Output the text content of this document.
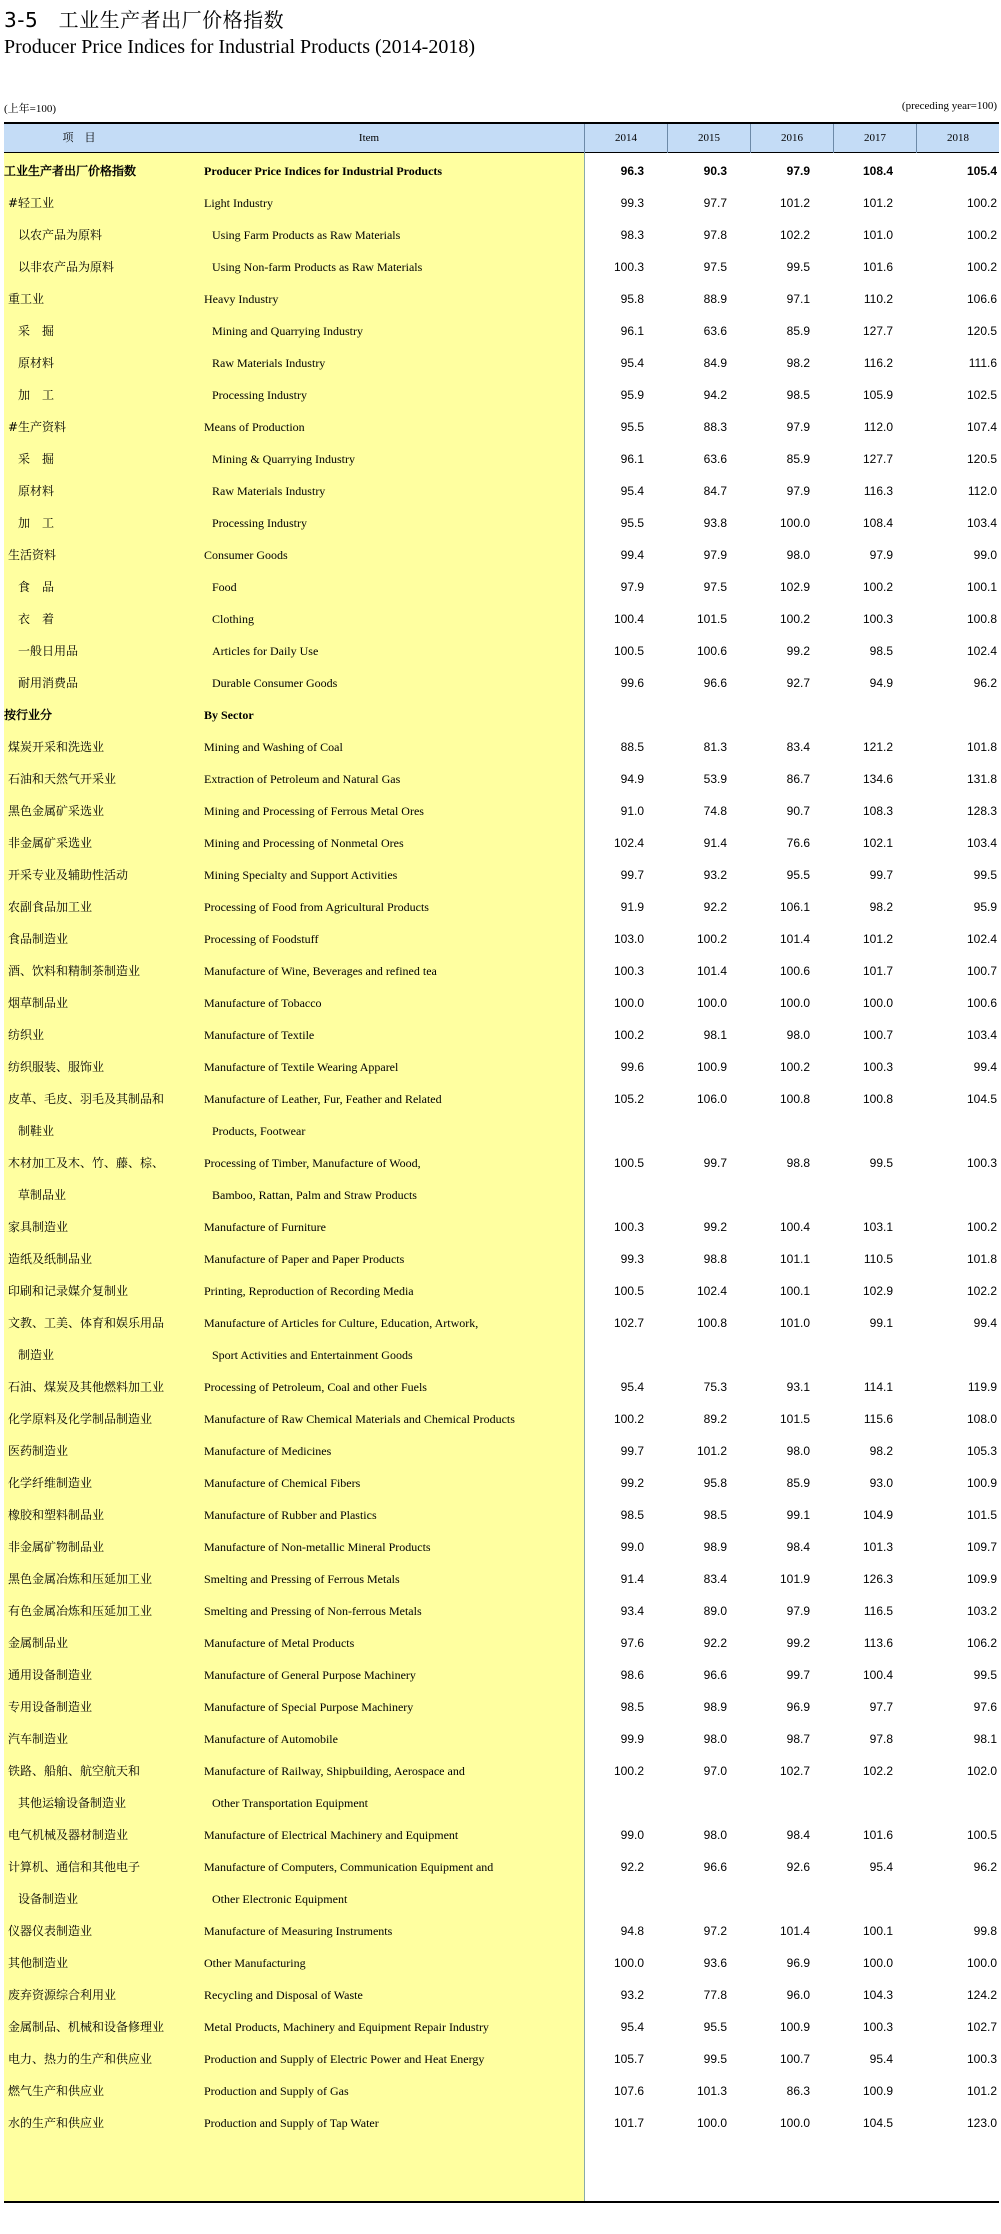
3-5　工业生产者出厂价格指数
Producer Price Indices for Industrial Products (2014-2018)
(上年=100)	(preceding year=100)
项　目	Item	2014	2015	2016	2017	2018
工业生产者出厂价格指数	Producer Price Indices for Industrial Products	96.3	90.3	97.9	108.4	105.4
#轻工业	Light Industry	99.3	97.7	101.2	101.2	100.2
以农产品为原料	Using Farm Products as Raw Materials	98.3	97.8	102.2	101.0	100.2
以非农产品为原料	Using Non-farm Products as Raw Materials	100.3	97.5	99.5	101.6	100.2
重工业	Heavy Industry	95.8	88.9	97.1	110.2	106.6
采　掘	Mining and Quarrying Industry	96.1	63.6	85.9	127.7	120.5
原材料	Raw Materials Industry	95.4	84.9	98.2	116.2	111.6
加　工	Processing Industry	95.9	94.2	98.5	105.9	102.5
#生产资料	Means of Production	95.5	88.3	97.9	112.0	107.4
采　掘	Mining & Quarrying Industry	96.1	63.6	85.9	127.7	120.5
原材料	Raw Materials Industry	95.4	84.7	97.9	116.3	112.0
加　工	Processing Industry	95.5	93.8	100.0	108.4	103.4
生活资料	Consumer Goods	99.4	97.9	98.0	97.9	99.0
食　品	Food	97.9	97.5	102.9	100.2	100.1
衣　着	Clothing	100.4	101.5	100.2	100.3	100.8
一般日用品	Articles for Daily Use	100.5	100.6	99.2	98.5	102.4
耐用消费品	Durable Consumer Goods	99.6	96.6	92.7	94.9	96.2
按行业分	By Sector
煤炭开采和洗选业	Mining and Washing of Coal	88.5	81.3	83.4	121.2	101.8
石油和天然气开采业	Extraction of Petroleum and Natural Gas	94.9	53.9	86.7	134.6	131.8
黑色金属矿采选业	Mining and Processing of Ferrous Metal Ores	91.0	74.8	90.7	108.3	128.3
非金属矿采选业	Mining and Processing of Nonmetal Ores	102.4	91.4	76.6	102.1	103.4
开采专业及辅助性活动	Mining Specialty and Support Activities	99.7	93.2	95.5	99.7	99.5
农副食品加工业	Processing of Food from Agricultural Products	91.9	92.2	106.1	98.2	95.9
食品制造业	Processing of Foodstuff	103.0	100.2	101.4	101.2	102.4
酒、饮料和精制茶制造业	Manufacture of Wine, Beverages and refined tea	100.3	101.4	100.6	101.7	100.7
烟草制品业	Manufacture of Tobacco	100.0	100.0	100.0	100.0	100.6
纺织业	Manufacture of Textile	100.2	98.1	98.0	100.7	103.4
纺织服装、服饰业	Manufacture of Textile Wearing Apparel	99.6	100.9	100.2	100.3	99.4
皮革、毛皮、羽毛及其制品和	Manufacture of Leather, Fur, Feather and Related	105.2	106.0	100.8	100.8	104.5
制鞋业	Products, Footwear
木材加工及木、竹、藤、棕、	Processing of Timber, Manufacture of Wood,	100.5	99.7	98.8	99.5	100.3
草制品业	Bamboo, Rattan, Palm and Straw Products
家具制造业	Manufacture of Furniture	100.3	99.2	100.4	103.1	100.2
造纸及纸制品业	Manufacture of Paper and Paper Products	99.3	98.8	101.1	110.5	101.8
印刷和记录媒介复制业	Printing, Reproduction of Recording Media	100.5	102.4	100.1	102.9	102.2
文教、工美、体育和娱乐用品	Manufacture of Articles for Culture, Education, Artwork,	102.7	100.8	101.0	99.1	99.4
制造业	Sport Activities and Entertainment Goods
石油、煤炭及其他燃料加工业	Processing of Petroleum, Coal and other Fuels	95.4	75.3	93.1	114.1	119.9
化学原料及化学制品制造业	Manufacture of Raw Chemical Materials and Chemical Products	100.2	89.2	101.5	115.6	108.0
医药制造业	Manufacture of Medicines	99.7	101.2	98.0	98.2	105.3
化学纤维制造业	Manufacture of Chemical Fibers	99.2	95.8	85.9	93.0	100.9
橡胶和塑料制品业	Manufacture of Rubber and Plastics	98.5	98.5	99.1	104.9	101.5
非金属矿物制品业	Manufacture of Non-metallic Mineral Products	99.0	98.9	98.4	101.3	109.7
黑色金属冶炼和压延加工业	Smelting and Pressing of Ferrous Metals	91.4	83.4	101.9	126.3	109.9
有色金属冶炼和压延加工业	Smelting and Pressing of Non-ferrous Metals	93.4	89.0	97.9	116.5	103.2
金属制品业	Manufacture of Metal Products	97.6	92.2	99.2	113.6	106.2
通用设备制造业	Manufacture of General Purpose Machinery	98.6	96.6	99.7	100.4	99.5
专用设备制造业	Manufacture of Special Purpose Machinery	98.5	98.9	96.9	97.7	97.6
汽车制造业	Manufacture of Automobile	99.9	98.0	98.7	97.8	98.1
铁路、船舶、航空航天和	Manufacture of Railway, Shipbuilding, Aerospace and	100.2	97.0	102.7	102.2	102.0
其他运输设备制造业	Other Transportation Equipment
电气机械及器材制造业	Manufacture of Electrical Machinery and Equipment	99.0	98.0	98.4	101.6	100.5
计算机、通信和其他电子	Manufacture of Computers, Communication Equipment and	92.2	96.6	92.6	95.4	96.2
设备制造业	Other Electronic Equipment
仪器仪表制造业	Manufacture of Measuring Instruments	94.8	97.2	101.4	100.1	99.8
其他制造业	Other Manufacturing	100.0	93.6	96.9	100.0	100.0
废弃资源综合利用业	Recycling and Disposal of Waste	93.2	77.8	96.0	104.3	124.2
金属制品、机械和设备修理业	Metal Products, Machinery and Equipment Repair Industry	95.4	95.5	100.9	100.3	102.7
电力、热力的生产和供应业	Production and Supply of Electric Power and Heat Energy	105.7	99.5	100.7	95.4	100.3
燃气生产和供应业	Production and Supply of Gas	107.6	101.3	86.3	100.9	101.2
水的生产和供应业	Production and Supply of Tap Water	101.7	100.0	100.0	104.5	123.0
